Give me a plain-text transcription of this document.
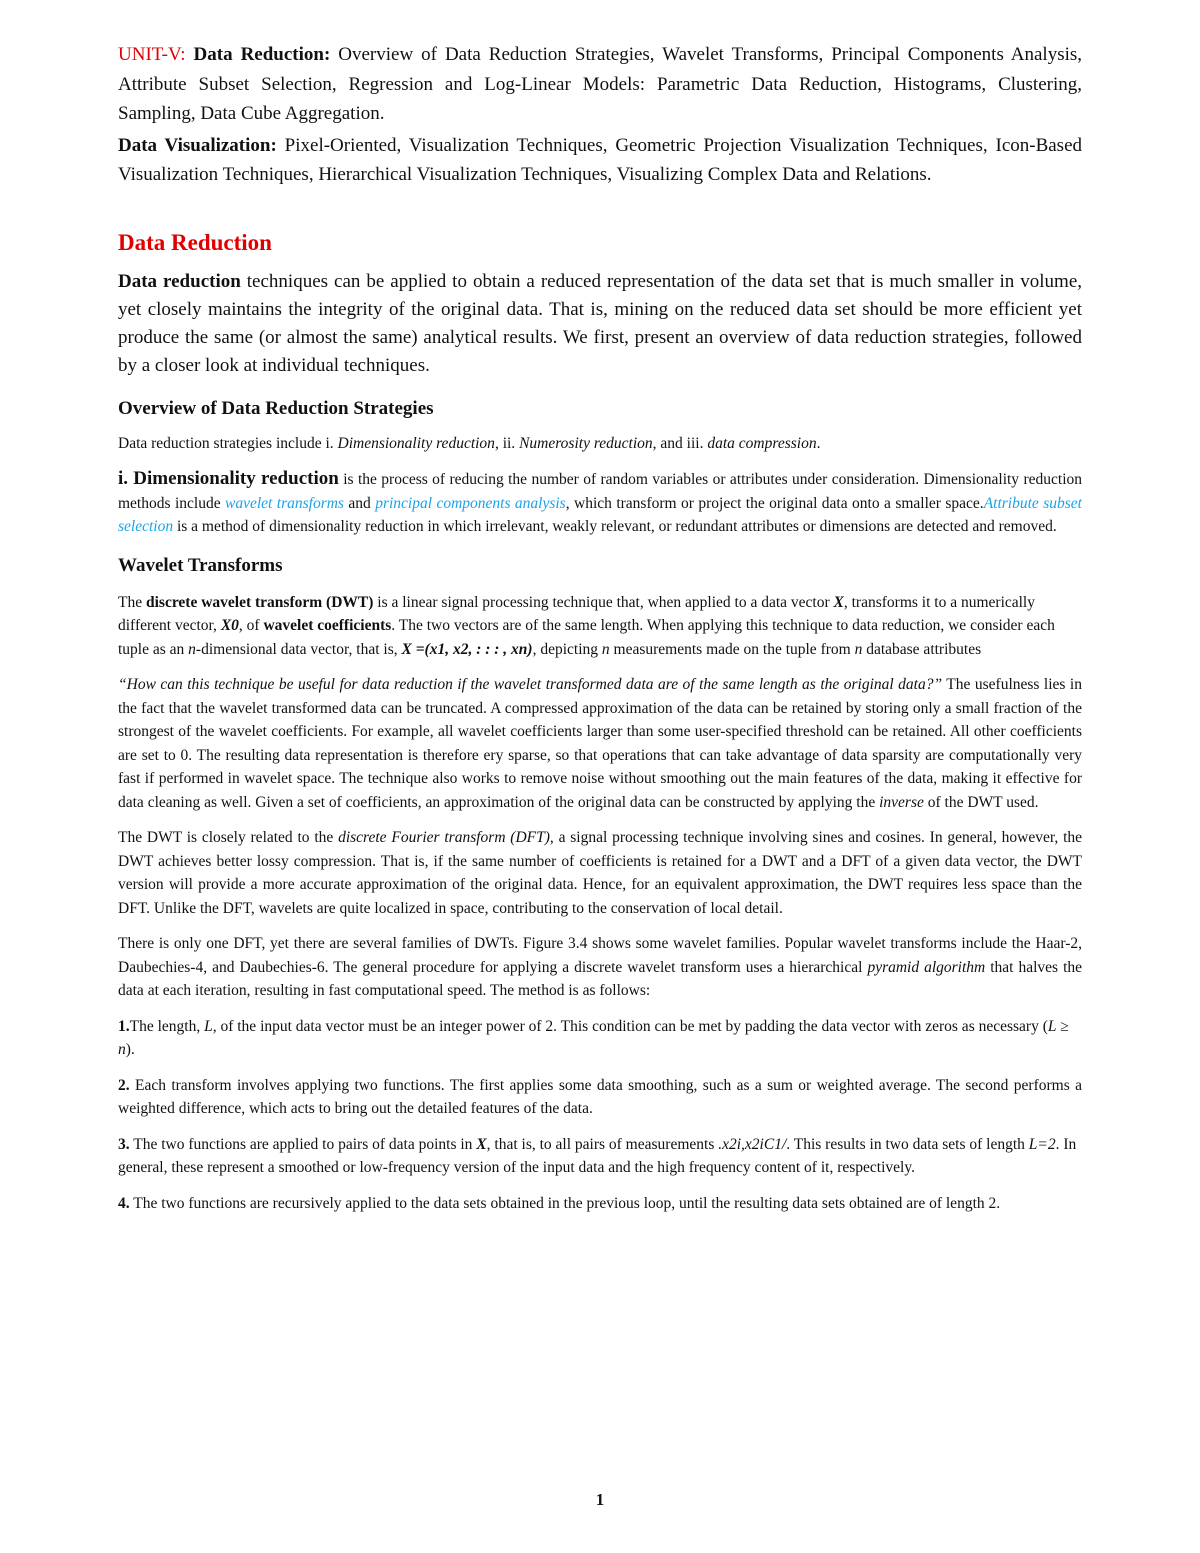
UNIT-V: Data Reduction: Overview of Data Reduction Strategies, Wavelet Transforms, Principal Components Analysis, Attribute Subset Selection, Regression and Log-Linear Models: Parametric Data Reduction, Histograms, Clustering, Sampling, Data Cube Aggregation.

Data Visualization: Pixel-Oriented, Visualization Techniques, Geometric Projection Visualization Techniques, Icon-Based Visualization Techniques, Hierarchical Visualization Techniques, Visualizing Complex Data and Relations.

Data Reduction

Data reduction techniques can be applied to obtain a reduced representation of the data set that is much smaller in volume, yet closely maintains the integrity of the original data. That is, mining on the reduced data set should be more efficient yet produce the same (or almost the same) analytical results. We first, present an overview of data reduction strategies, followed by a closer look at individual techniques.

Overview of Data Reduction Strategies

Data reduction strategies include i. Dimensionality reduction, ii. Numerosity reduction, and iii. data compression.

i. Dimensionality reduction is the process of reducing the number of random variables or attributes under consideration. Dimensionality reduction methods include wavelet transforms and principal components analysis, which transform or project the original data onto a smaller space.Attribute subset selection is a method of dimensionality reduction in which irrelevant, weakly relevant, or redundant attributes or dimensions are detected and removed.

Wavelet Transforms

The discrete wavelet transform (DWT) is a linear signal processing technique that, when applied to a data vector X, transforms it to a numerically different vector, X0, of wavelet coefficients. The two vectors are of the same length. When applying this technique to data reduction, we consider each tuple as an n-dimensional data vector, that is, X =(x1, x2, : : : , xn), depicting n measurements made on the tuple from n database attributes

“How can this technique be useful for data reduction if the wavelet transformed data are of the same length as the original data?” The usefulness lies in the fact that the wavelet transformed data can be truncated. A compressed approximation of the data can be retained by storing only a small fraction of the strongest of the wavelet coefficients. For example, all wavelet coefficients larger than some user-specified threshold can be retained. All other coefficients are set to 0. The resulting data representation is therefore ery sparse, so that operations that can take advantage of data sparsity are computationally very fast if performed in wavelet space. The technique also works to remove noise without smoothing out the main features of the data, making it effective for data cleaning as well. Given a set of coefficients, an approximation of the original data can be constructed by applying the inverse of the DWT used.

The DWT is closely related to the discrete Fourier transform (DFT), a signal processing technique involving sines and cosines. In general, however, the DWT achieves better lossy compression. That is, if the same number of coefficients is retained for a DWT and a DFT of a given data vector, the DWT version will provide a more accurate approximation of the original data. Hence, for an equivalent approximation, the DWT requires less space than the DFT. Unlike the DFT, wavelets are quite localized in space, contributing to the conservation of local detail.

There is only one DFT, yet there are several families of DWTs. Figure 3.4 shows some wavelet families. Popular wavelet transforms include the Haar-2, Daubechies-4, and Daubechies-6. The general procedure for applying a discrete wavelet transform uses a hierarchical pyramid algorithm that halves the data at each iteration, resulting in fast computational speed. The method is as follows:

1.The length, L, of the input data vector must be an integer power of 2. This condition can be met by padding the data vector with zeros as necessary (L ≥ n).

2. Each transform involves applying two functions. The first applies some data smoothing, such as a sum or weighted average. The second performs a weighted difference, which acts to bring out the detailed features of the data.

3. The two functions are applied to pairs of data points in X, that is, to all pairs of measurements .x2i,x2iC1/. This results in two data sets of length L=2. In general, these represent a smoothed or low-frequency version of the input data and the high frequency content of it, respectively.

4. The two functions are recursively applied to the data sets obtained in the previous loop, until the resulting data sets obtained are of length 2.

1
